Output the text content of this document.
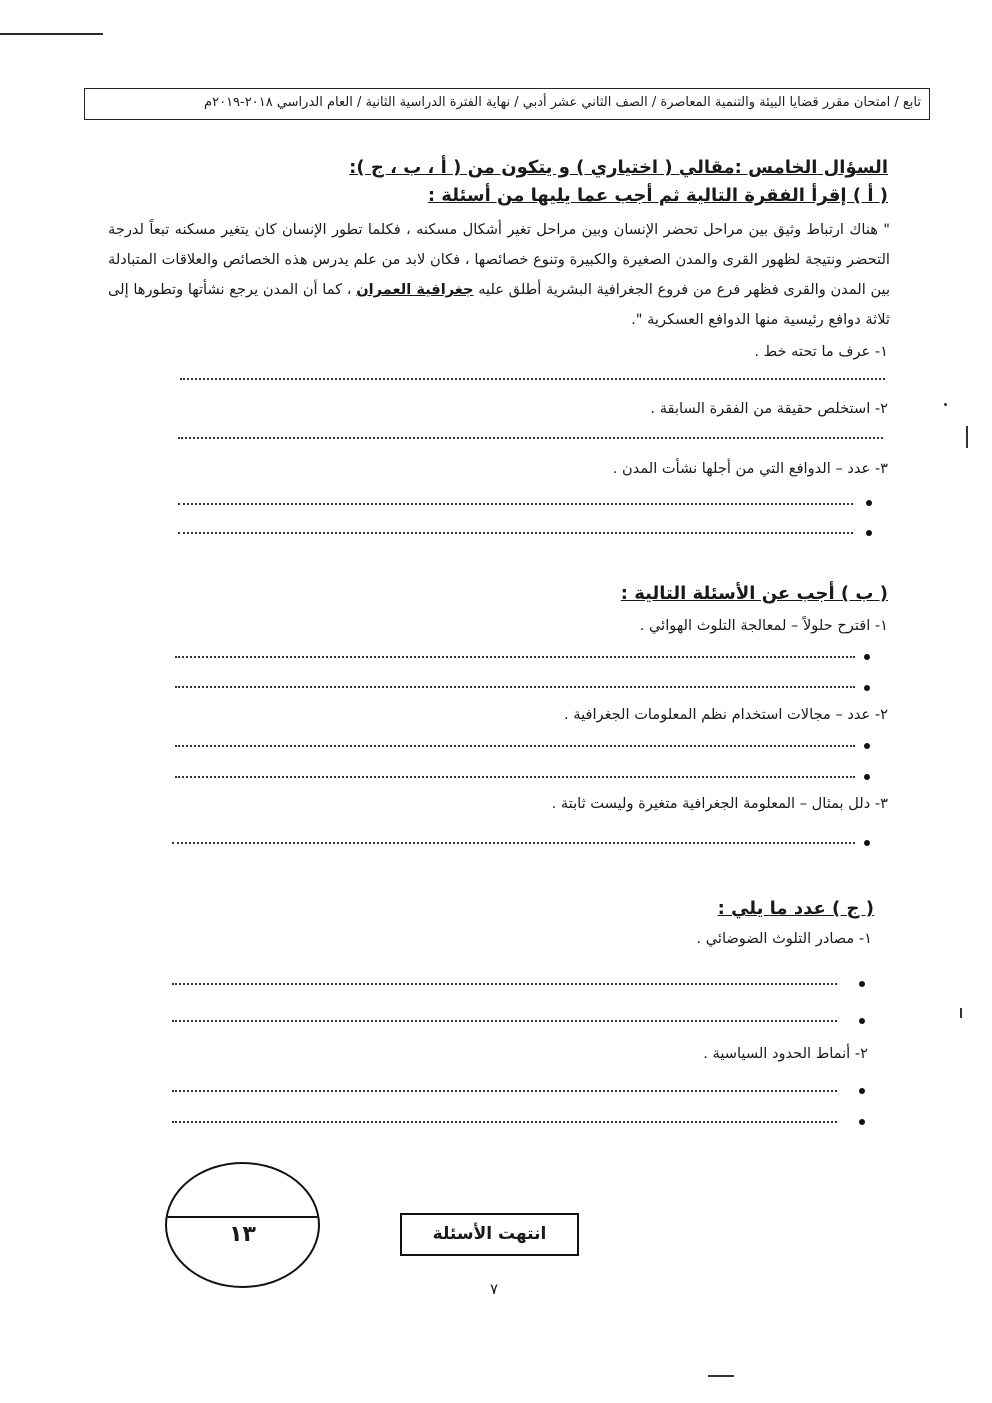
تابع / امتحان مقرر قضايا البيئة والتنمية المعاصرة / الصف الثاني عشر أدبي / نهاية الفترة الدراسية الثانية / العام الدراسي ٢٠١٨-٢٠١٩م
السؤال الخامس :مقالي ( اختياري ) و يتكون من ( أ ، ب ، ج ):
( أ ) إقرأ الفقرة التالية ثم أجب عما يليها من أسئلة :
" هناك ارتباط وثيق بين مراحل تحضر الإنسان وبين مراحل تغير أشكال مسكنه ، فكلما تطور الإنسان كان يتغير مسكنه تبعاً لدرجة التحضر ونتيجة لظهور القرى والمدن الصغيرة والكبيرة وتنوع خصائصها ، فكان لابد من علم يدرس هذه الخصائص والعلاقات المتبادلة بين المدن والقرى فظهر فرع من فروع الجغرافية البشرية أطلق عليه جغرافية العمران ، كما أن المدن يرجع نشأتها وتطورها إلى ثلاثة دوافع رئيسية منها الدوافع العسكرية ".
١- عرف ما تحته خط .
٢- استخلص حقيقة من الفقرة السابقة .
٣- عدد – الدوافع التي من أجلها نشأت المدن .
( ب ) أجب عن الأسئلة التالية :
١- اقترح حلولاً – لمعالجة التلوث الهوائي .
٢- عدد – مجالات استخدام نظم المعلومات الجغرافية .
٣- دلل بمثال – المعلومة الجغرافية متغيرة وليست ثابتة .
( ج ) عدد ما يلي :
١- مصادر التلوث الضوضائي .
٢- أنماط الحدود السياسية .
١٣	انتهت الأسئلة
٧
